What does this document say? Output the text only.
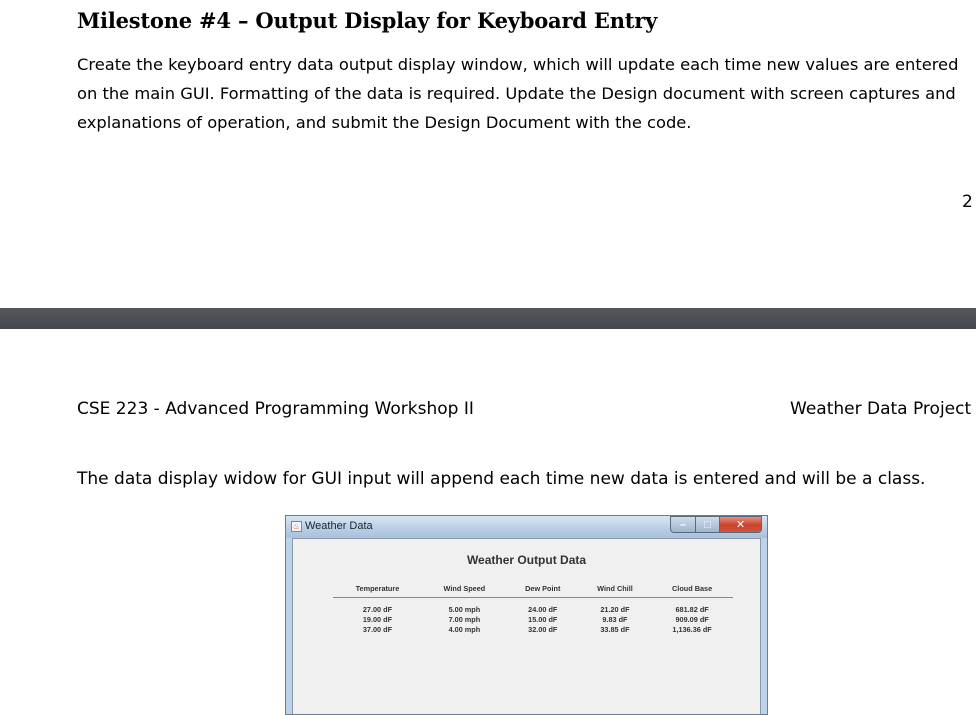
Milestone #4 – Output Display for Keyboard Entry

Create the keyboard entry data output display window, which will update each time new values are entered on the main GUI. Formatting of the data is required. Update the Design document with screen captures and explanations of operation, and submit the Design Document with the code.

2
CSE 223 - Advanced Programming Workshop II	Weather Data Project
The data display widow for GUI input will append each time new data is entered and will be a class.
♨ Weather Data	–	□	✕
Weather Output Data
Temperature	Wind Speed	Dew Point	Wind Chill	Cloud Base
27.00 dF	5.00 mph	24.00 dF	21.20 dF	681.82 dF
19.00 dF	7.00 mph	15.00 dF	9.83 dF	909.09 dF
37.00 dF	4.00 mph	32.00 dF	33.85 dF	1,136.36 dF
